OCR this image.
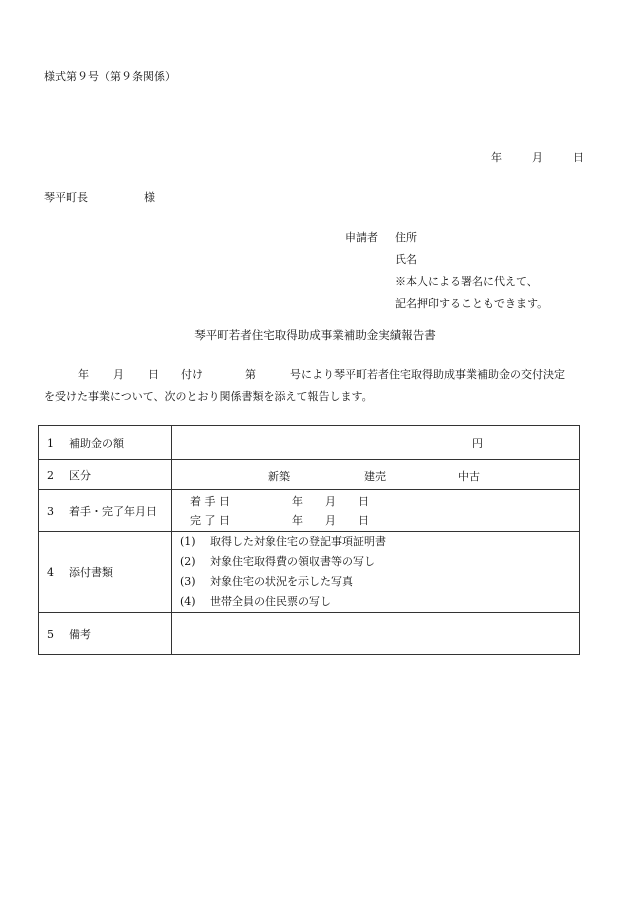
様式第９号（第９条関係）
年	月	日
琴平町長	様
申請者 住所
氏名
※本人による署名に代えて、
記名押印することもできます。
琴平町若者住宅取得助成事業補助金実績報告書
年 月 日 付け	第	号により琴平町若者住宅取得助成事業補助金の交付決定
を受けた事業について、次のとおり関係書類を添えて報告します。
1 補助金の額	円
2 区分	新築 建売 中古

3 着手・完了年月日	着 手 日 年 月 日
完 了 日 年 月 日

4 添付書類	(1) 取得した対象住宅の登記事項証明書
(2) 対象住宅取得費の領収書等の写し
(3) 対象住宅の状況を示した写真
(4) 世帯全員の住民票の写し

5 備考	
